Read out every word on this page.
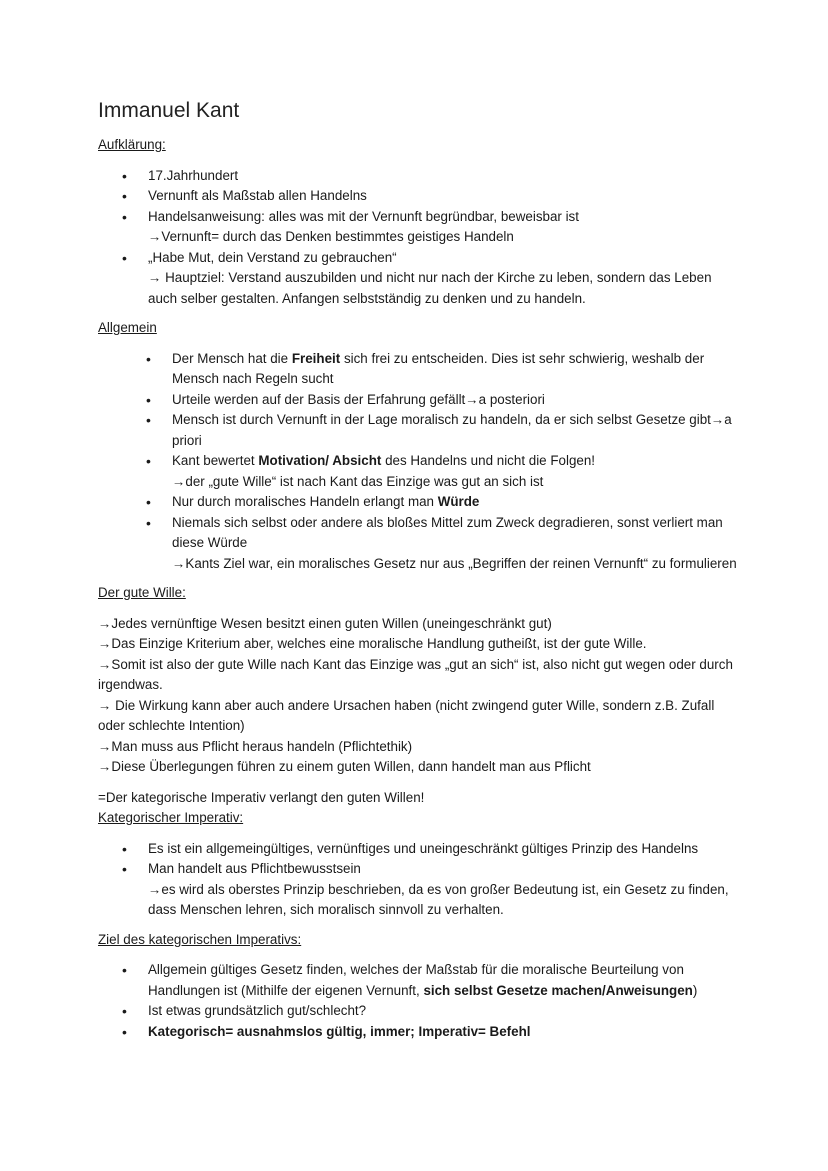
Immanuel Kant
Aufklärung:
• 17.Jahrhundert
• Vernunft als Maßstab allen Handelns
• Handelsanweisung: alles was mit der Vernunft begründbar, beweisbar ist
→Vernunft= durch das Denken bestimmtes geistiges Handeln
• „Habe Mut, dein Verstand zu gebrauchen“
→ Hauptziel: Verstand auszubilden und nicht nur nach der Kirche zu leben, sondern das Leben auch selber gestalten. Anfangen selbstständig zu denken und zu handeln.
Allgemein
• Der Mensch hat die Freiheit sich frei zu entscheiden. Dies ist sehr schwierig, weshalb der Mensch nach Regeln sucht
• Urteile werden auf der Basis der Erfahrung gefällt→a posteriori
• Mensch ist durch Vernunft in der Lage moralisch zu handeln, da er sich selbst Gesetze gibt→a priori
• Kant bewertet Motivation/ Absicht des Handelns und nicht die Folgen!
→der „gute Wille“ ist nach Kant das Einzige was gut an sich ist
• Nur durch moralisches Handeln erlangt man Würde
• Niemals sich selbst oder andere als bloßes Mittel zum Zweck degradieren, sonst verliert man diese Würde
→Kants Ziel war, ein moralisches Gesetz nur aus „Begriffen der reinen Vernunft“ zu formulieren
Der gute Wille:

→Jedes vernünftige Wesen besitzt einen guten Willen (uneingeschränkt gut)

→Das Einzige Kriterium aber, welches eine moralische Handlung gutheißt, ist der gute Wille.

→Somit ist also der gute Wille nach Kant das Einzige was „gut an sich“ ist, also nicht gut wegen oder durch irgendwas.

→ Die Wirkung kann aber auch andere Ursachen haben (nicht zwingend guter Wille, sondern z.B. Zufall oder schlechte Intention)

→Man muss aus Pflicht heraus handeln (Pflichtethik)

→Diese Überlegungen führen zu einem guten Willen, dann handelt man aus Pflicht

=Der kategorische Imperativ verlangt den guten Willen!

Kategorischer Imperativ:
• Es ist ein allgemeingültiges, vernünftiges und uneingeschränkt gültiges Prinzip des Handelns
• Man handelt aus Pflichtbewusstsein
→es wird als oberstes Prinzip beschrieben, da es von großer Bedeutung ist, ein Gesetz zu finden, dass Menschen lehren, sich moralisch sinnvoll zu verhalten.
Ziel des kategorischen Imperativs:
• Allgemein gültiges Gesetz finden, welches der Maßstab für die moralische Beurteilung von Handlungen ist (Mithilfe der eigenen Vernunft, sich selbst Gesetze machen/Anweisungen)
• Ist etwas grundsätzlich gut/schlecht?
• Kategorisch= ausnahmslos gültig, immer; Imperativ= Befehl
